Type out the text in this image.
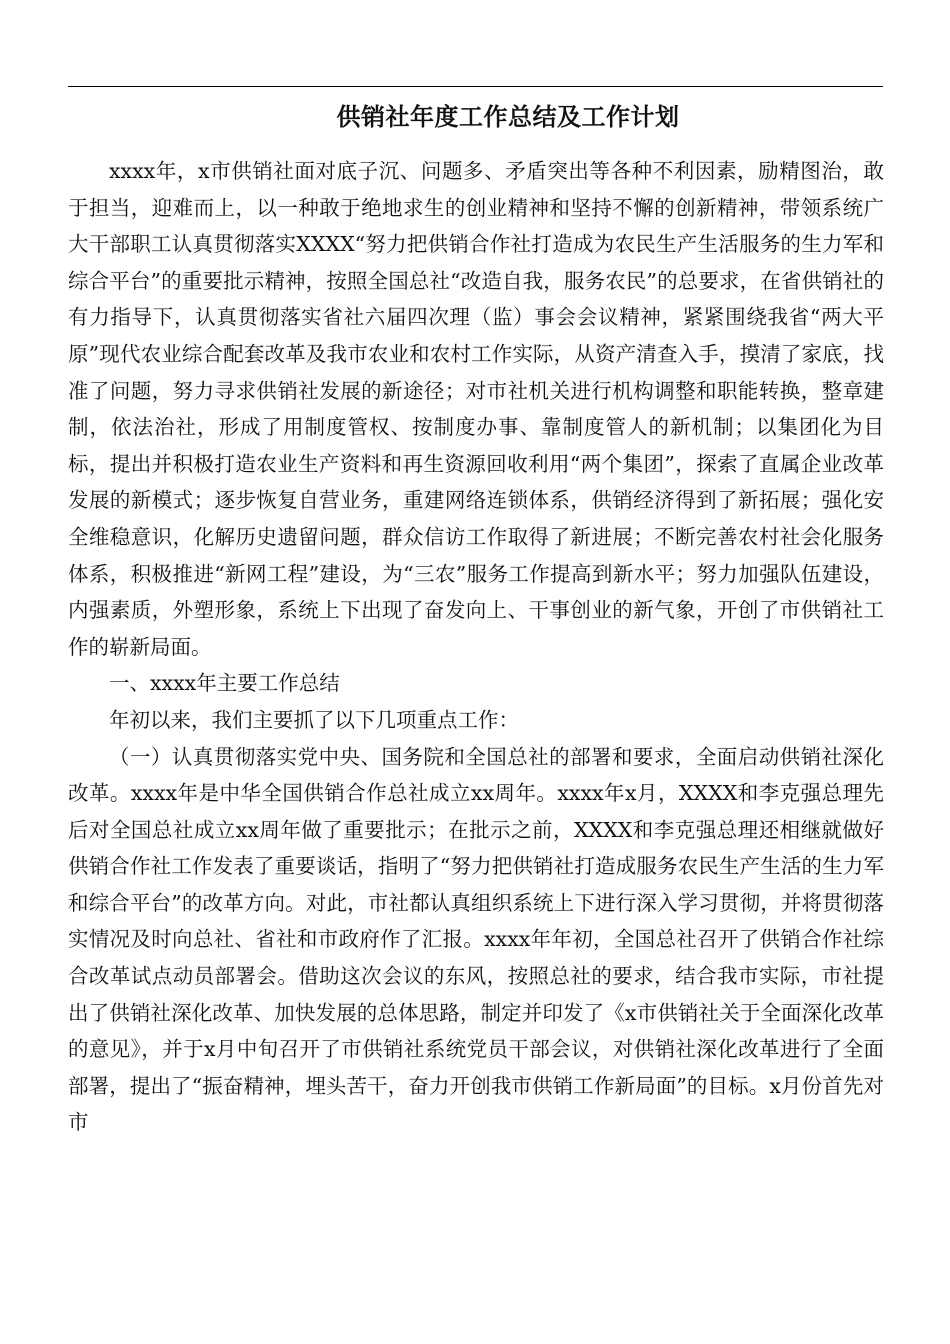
供销社年度工作总结及工作计划

xxxx年，x市供销社面对底子沉、问题多、矛盾突出等各种不利因素，励精图治，敢于担当，迎难而上，以一种敢于绝地求生的创业精神和坚持不懈的创新精神，带领系统广大干部职工认真贯彻落实XXXX“努力把供销合作社打造成为农民生产生活服务的生力军和综合平台”的重要批示精神，按照全国总社“改造自我，服务农民”的总要求，在省供销社的有力指导下，认真贯彻落实省社六届四次理（监）事会会议精神，紧紧围绕我省“两大平原”现代农业综合配套改革及我市农业和农村工作实际，从资产清查入手，摸清了家底，找准了问题，努力寻求供销社发展的新途径；对市社机关进行机构调整和职能转换，整章建制，依法治社，形成了用制度管权、按制度办事、靠制度管人的新机制；以集团化为目标，提出并积极打造农业生产资料和再生资源回收利用“两个集团”，探索了直属企业改革发展的新模式；逐步恢复自营业务，重建网络连锁体系，供销经济得到了新拓展；强化安全维稳意识，化解历史遗留问题，群众信访工作取得了新进展；不断完善农村社会化服务体系，积极推进“新网工程”建设，为“三农”服务工作提高到新水平；努力加强队伍建设，内强素质，外塑形象，系统上下出现了奋发向上、干事创业的新气象，开创了市供销社工作的崭新局面。

一、xxxx年主要工作总结

年初以来，我们主要抓了以下几项重点工作：

（一）认真贯彻落实党中央、国务院和全国总社的部署和要求，全面启动供销社深化改革。xxxx年是中华全国供销合作总社成立xx周年。xxxx年x月，XXXX和李克强总理先后对全国总社成立xx周年做了重要批示；在批示之前，XXXX和李克强总理还相继就做好供销合作社工作发表了重要谈话，指明了“努力把供销社打造成服务农民生产生活的生力军和综合平台”的改革方向。对此，市社都认真组织系统上下进行深入学习贯彻，并将贯彻落实情况及时向总社、省社和市政府作了汇报。xxxx年年初，全国总社召开了供销合作社综合改革试点动员部署会。借助这次会议的东风，按照总社的要求，结合我市实际，市社提出了供销社深化改革、加快发展的总体思路，制定并印发了《x市供销社关于全面深化改革的意见》，并于x月中旬召开了市供销社系统党员干部会议，对供销社深化改革进行了全面部署，提出了“振奋精神，埋头苦干，奋力开创我市供销工作新局面”的目标。x月份首先对市
